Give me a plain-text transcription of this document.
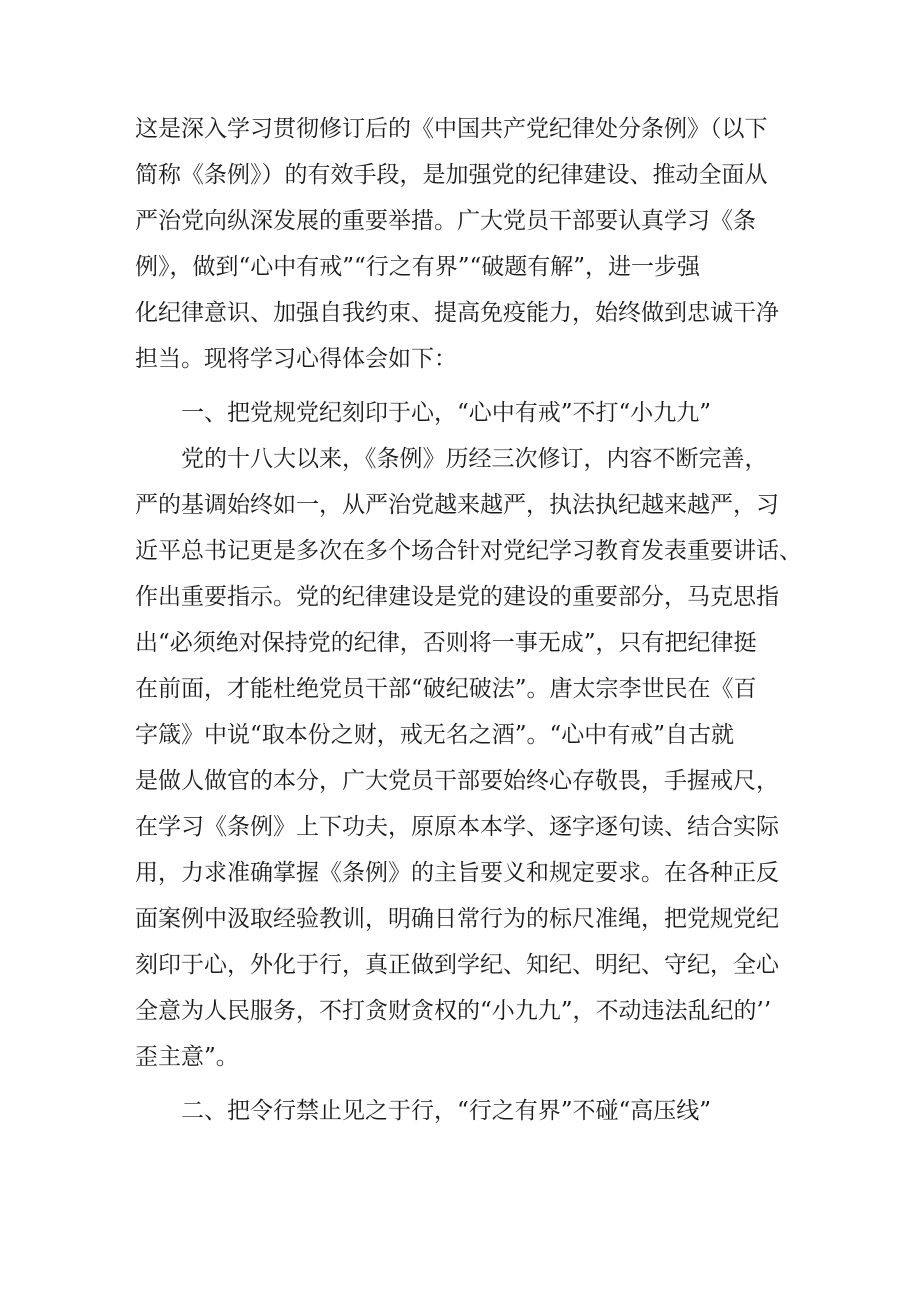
这是深入学习贯彻修订后的《中国共产党纪律处分条例》（以下
简称《条例》）的有效手段，是加强党的纪律建设、推动全面从
严治党向纵深发展的重要举措。广大党员干部要认真学习《条
例》，做到“心中有戒”“行之有界”“破题有解”，进一步强
化纪律意识、加强自我约束、提高免疫能力，始终做到忠诚干净
担当。现将学习心得体会如下：
　　一、把党规党纪刻印于心，“心中有戒”不打“小九九”
　　党的十八大以来，《条例》历经三次修订，内容不断完善，
严的基调始终如一，从严治党越来越严，执法执纪越来越严，习
近平总书记更是多次在多个场合针对党纪学习教育发表重要讲话、
作出重要指示。党的纪律建设是党的建设的重要部分，马克思指
出“必须绝对保持党的纪律，否则将一事无成”，只有把纪律挺
在前面，才能杜绝党员干部“破纪破法”。唐太宗李世民在《百
字箴》中说“取本份之财，戒无名之酒”。“心中有戒”自古就
是做人做官的本分，广大党员干部要始终心存敬畏，手握戒尺，
在学习《条例》上下功夫，原原本本学、逐字逐句读、结合实际
用，力求准确掌握《条例》的主旨要义和规定要求。在各种正反
面案例中汲取经验教训，明确日常行为的标尺准绳，把党规党纪
刻印于心，外化于行，真正做到学纪、知纪、明纪、守纪，全心
全意为人民服务，不打贪财贪权的“小九九”，不动违法乱纪的’’
歪主意”。
　　二、把令行禁止见之于行，“行之有界”不碰“高压线”
